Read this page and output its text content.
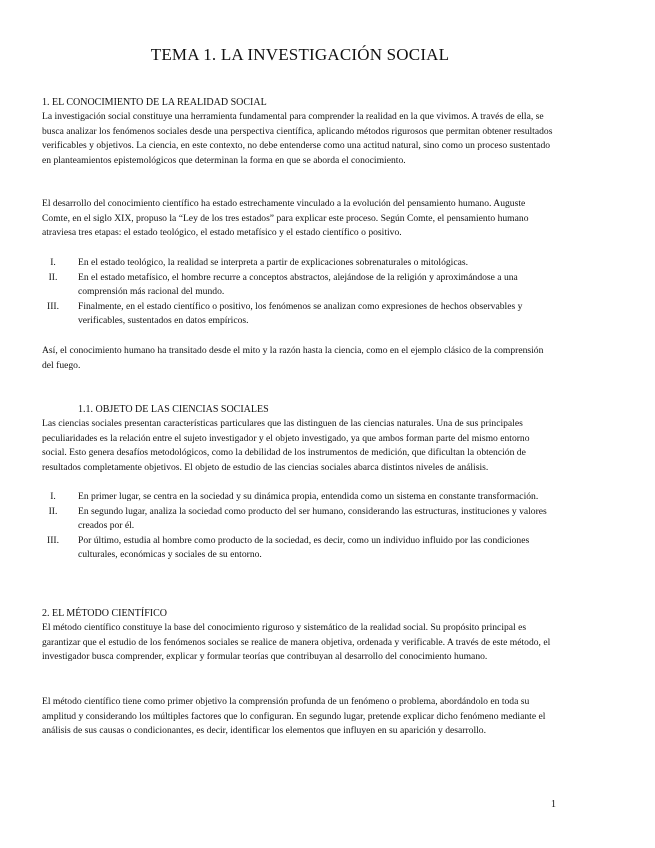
TEMA 1. LA INVESTIGACIÓN SOCIAL
1. EL CONOCIMIENTO DE LA REALIDAD SOCIAL

La investigación social constituye una herramienta fundamental para comprender la realidad en la que vivimos. A través de ella, se busca analizar los fenómenos sociales desde una perspectiva científica, aplicando métodos rigurosos que permitan obtener resultados verificables y objetivos. La ciencia, en este contexto, no debe entenderse como una actitud natural, sino como un proceso sustentado en planteamientos epistemológicos que determinan la forma en que se aborda el conocimiento.

El desarrollo del conocimiento científico ha estado estrechamente vinculado a la evolución del pensamiento humano. Auguste Comte, en el siglo XIX, propuso la “Ley de los tres estados” para explicar este proceso. Según Comte, el pensamiento humano atraviesa tres etapas: el estado teológico, el estado metafísico y el estado científico o positivo.

I.	En el estado teológico, la realidad se interpreta a partir de explicaciones sobrenaturales o mitológicas.
II.	En el estado metafísico, el hombre recurre a conceptos abstractos, alejándose de la religión y aproximándose a una comprensión más racional del mundo.
III.	Finalmente, en el estado científico o positivo, los fenómenos se analizan como expresiones de hechos observables y verificables, sustentados en datos empíricos.

Así, el conocimiento humano ha transitado desde el mito y la razón hasta la ciencia, como en el ejemplo clásico de la comprensión del fuego.

1.1. OBJETO DE LAS CIENCIAS SOCIALES

Las ciencias sociales presentan características particulares que las distinguen de las ciencias naturales. Una de sus principales peculiaridades es la relación entre el sujeto investigador y el objeto investigado, ya que ambos forman parte del mismo entorno social. Esto genera desafíos metodológicos, como la debilidad de los instrumentos de medición, que dificultan la obtención de resultados completamente objetivos. El objeto de estudio de las ciencias sociales abarca distintos niveles de análisis.

I.	En primer lugar, se centra en la sociedad y su dinámica propia, entendida como un sistema en constante transformación.
II.	En segundo lugar, analiza la sociedad como producto del ser humano, considerando las estructuras, instituciones y valores creados por él.
III.	Por último, estudia al hombre como producto de la sociedad, es decir, como un individuo influido por las condiciones culturales, económicas y sociales de su entorno.
2. EL MÉTODO CIENTÍFICO

El método científico constituye la base del conocimiento riguroso y sistemático de la realidad social. Su propósito principal es garantizar que el estudio de los fenómenos sociales se realice de manera objetiva, ordenada y verificable. A través de este método, el investigador busca comprender, explicar y formular teorías que contribuyan al desarrollo del conocimiento humano.

El método científico tiene como primer objetivo la comprensión profunda de un fenómeno o problema, abordándolo en toda su amplitud y considerando los múltiples factores que lo configuran. En segundo lugar, pretende explicar dicho fenómeno mediante el análisis de sus causas o condicionantes, es decir, identificar los elementos que influyen en su aparición y desarrollo.

1
